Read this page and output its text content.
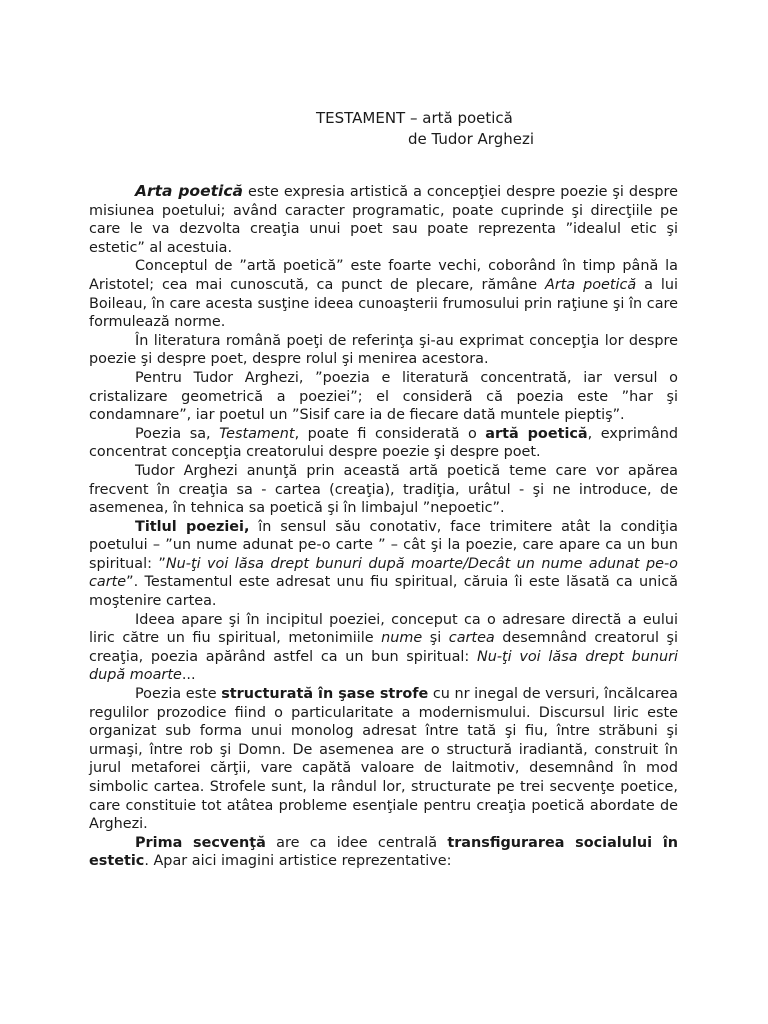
TESTAMENT – artă poetică
de Tudor Arghezi

Arta poetică este expresia artistică a concepţiei despre poezie şi despre misiunea poetului; având caracter programatic, poate cuprinde şi direcţiile pe care le va dezvolta creaţia unui poet sau poate reprezenta ”idealul etic şi estetic” al acestuia.

Conceptul de ”artă poetică” este foarte vechi, coborând în timp până la Aristotel; cea mai cunoscută, ca punct de plecare, rămâne Arta poetică a lui Boileau, în care acesta susţine ideea cunoaşterii frumosului prin raţiune şi în care formulează norme.

În literatura română poeţi de referinţa şi-au exprimat concepţia lor despre poezie şi despre poet, despre rolul şi menirea acestora.

Pentru Tudor Arghezi, ”poezia e literatură concentrată, iar versul o cristalizare geometrică a poeziei”; el consideră că poezia este ”har şi condamnare”, iar poetul un ”Sisif care ia de fiecare dată muntele pieptiş”.

Poezia sa, Testament, poate fi considerată o artă poetică, exprimând concentrat concepţia creatorului despre poezie şi despre poet.

Tudor Arghezi anunţă prin această artă poetică teme care vor apărea frecvent în creaţia sa - cartea (creaţia), tradiţia, urâtul - şi ne introduce, de asemenea, în tehnica sa poetică şi în limbajul ”nepoetic”.

Titlul poeziei, în sensul său conotativ, face trimitere atât la condiţia poetului – ”un nume adunat pe-o carte ” – cât şi la poezie, care apare ca un bun spiritual: ”Nu-ţi voi lăsa drept bunuri după moarte/Decât un nume adunat pe-o carte”. Testamentul este adresat unu fiu spiritual, căruia îi este lăsată ca unică moştenire cartea.

Ideea apare şi în incipitul poeziei, conceput ca o adresare directă a eului liric către un fiu spiritual, metonimiile nume şi cartea desemnând creatorul şi creaţia, poezia apărând astfel ca un bun spiritual: Nu-ţi voi lăsa drept bunuri după moarte...

Poezia este structurată în şase strofe cu nr inegal de versuri, încălcarea regulilor prozodice fiind o particularitate a modernismului. Discursul liric este organizat sub forma unui monolog adresat între tată şi fiu, între străbuni şi urmaşi, între rob şi Domn. De asemenea are o structură iradiantă, construit în jurul metaforei cărţii, vare capătă valoare de laitmotiv, desemnând în mod simbolic cartea. Strofele sunt, la rândul lor, structurate pe trei secvenţe poetice, care constituie tot atâtea probleme esenţiale pentru creaţia poetică abordate de Arghezi.

Prima secvenţă are ca idee centrală transfigurarea socialului în estetic. Apar aici imagini artistice reprezentative:
